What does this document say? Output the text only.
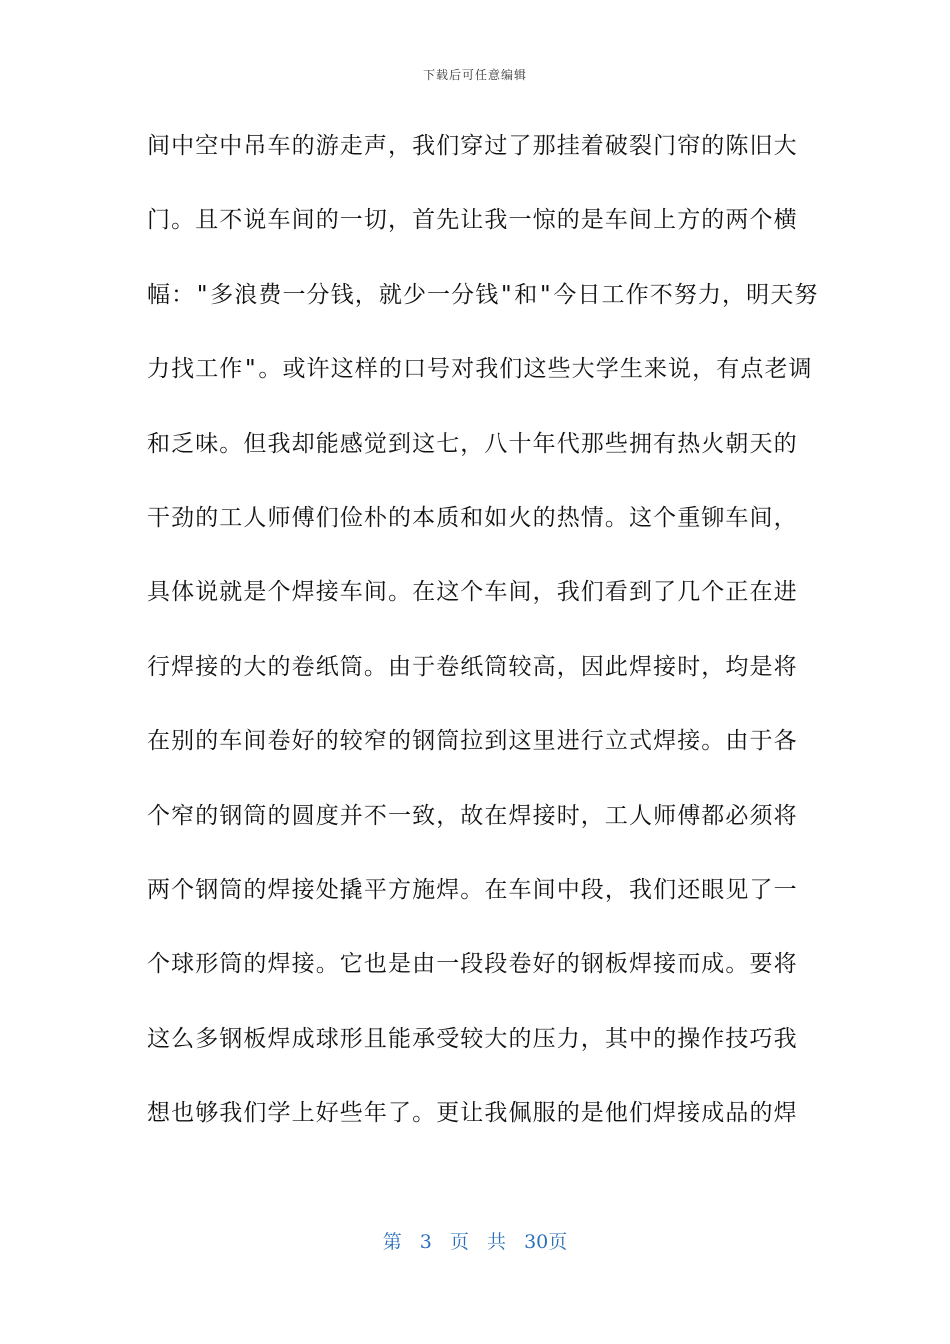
下载后可任意编辑
间中空中吊车的游走声，我们穿过了那挂着破裂门帘的陈旧大
门。且不说车间的一切，首先让我一惊的是车间上方的两个横
幅："多浪费一分钱，就少一分钱"和"今日工作不努力，明天努
力找工作"。或许这样的口号对我们这些大学生来说，有点老调
和乏味。但我却能感觉到这七，八十年代那些拥有热火朝天的
干劲的工人师傅们俭朴的本质和如火的热情。这个重铆车间，
具体说就是个焊接车间。在这个车间，我们看到了几个正在进
行焊接的大的卷纸筒。由于卷纸筒较高，因此焊接时，均是将
在别的车间卷好的较窄的钢筒拉到这里进行立式焊接。由于各
个窄的钢筒的圆度并不一致，故在焊接时，工人师傅都必须将
两个钢筒的焊接处撬平方施焊。在车间中段，我们还眼见了一
个球形筒的焊接。它也是由一段段卷好的钢板焊接而成。要将
这么多钢板焊成球形且能承受较大的压力，其中的操作技巧我
想也够我们学上好些年了。更让我佩服的是他们焊接成品的焊
第 3 页 共 30页
